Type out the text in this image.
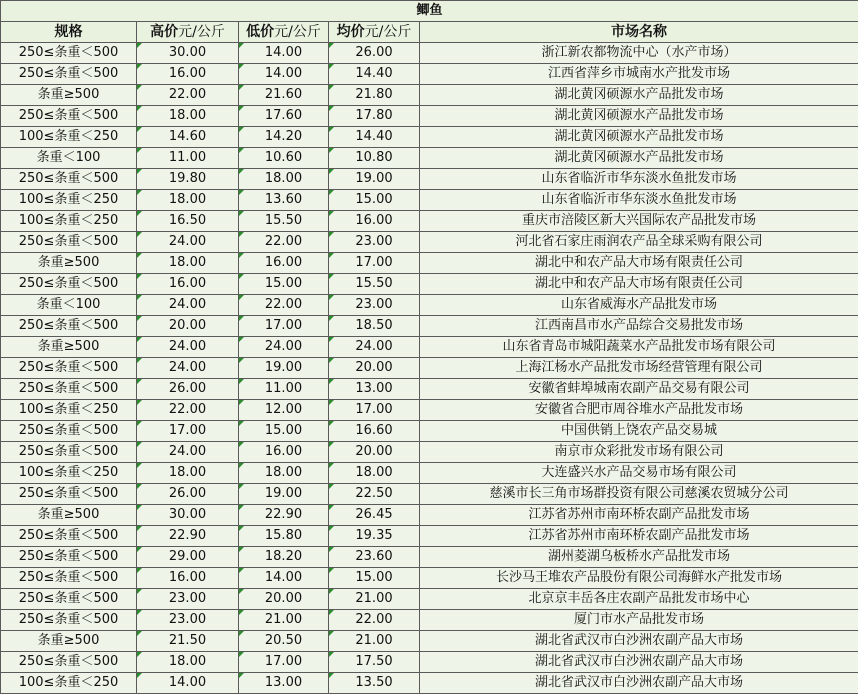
鲫鱼				
规格	高价元/公斤	低价元/公斤	均价元/公斤	市场名称
250≤条重＜500	30.00	14.00	26.00	浙江新农都物流中心（水产市场）
250≤条重＜500	16.00	14.00	14.40	江西省萍乡市城南水产批发市场
条重≥500	22.00	21.60	21.80	湖北黄冈硕源水产品批发市场
250≤条重＜500	18.00	17.60	17.80	湖北黄冈硕源水产品批发市场
100≤条重＜250	14.60	14.20	14.40	湖北黄冈硕源水产品批发市场
条重＜100	11.00	10.60	10.80	湖北黄冈硕源水产品批发市场
250≤条重＜500	19.80	18.00	19.00	山东省临沂市华东淡水鱼批发市场
100≤条重＜250	18.00	13.60	15.00	山东省临沂市华东淡水鱼批发市场
100≤条重＜250	16.50	15.50	16.00	重庆市涪陵区新大兴国际农产品批发市场
250≤条重＜500	24.00	22.00	23.00	河北省石家庄雨润农产品全球采购有限公司
条重≥500	18.00	16.00	17.00	湖北中和农产品大市场有限责任公司
250≤条重＜500	16.00	15.00	15.50	湖北中和农产品大市场有限责任公司
条重＜100	24.00	22.00	23.00	山东省威海水产品批发市场
250≤条重＜500	20.00	17.00	18.50	江西南昌市水产品综合交易批发市场
条重≥500	24.00	24.00	24.00	山东省青岛市城阳蔬菜水产品批发市场有限公司
250≤条重＜500	24.00	19.00	20.00	上海江杨水产品批发市场经营管理有限公司
250≤条重＜500	26.00	11.00	13.00	安徽省蚌埠城南农副产品交易有限公司
100≤条重＜250	22.00	12.00	17.00	安徽省合肥市周谷堆水产品批发市场
250≤条重＜500	17.00	15.00	16.60	中国供销上饶农产品交易城
250≤条重＜500	24.00	16.00	20.00	南京市众彩批发市场有限公司
100≤条重＜250	18.00	18.00	18.00	大连盛兴水产品交易市场有限公司
250≤条重＜500	26.00	19.00	22.50	慈溪市长三角市场群投资有限公司慈溪农贸城分公司
条重≥500	30.00	22.90	26.45	江苏省苏州市南环桥农副产品批发市场
250≤条重＜500	22.90	15.80	19.35	江苏省苏州市南环桥农副产品批发市场
250≤条重＜500	29.00	18.20	23.60	湖州菱湖乌板桥水产品批发市场
250≤条重＜500	16.00	14.00	15.00	长沙马王堆农产品股份有限公司海鲜水产批发市场
250≤条重＜500	23.00	20.00	21.00	北京京丰岳各庄农副产品批发市场中心
250≤条重＜500	23.00	21.00	22.00	厦门市水产品批发市场
条重≥500	21.50	20.50	21.00	湖北省武汉市白沙洲农副产品大市场
250≤条重＜500	18.00	17.00	17.50	湖北省武汉市白沙洲农副产品大市场
100≤条重＜250	14.00	13.00	13.50	湖北省武汉市白沙洲农副产品大市场
